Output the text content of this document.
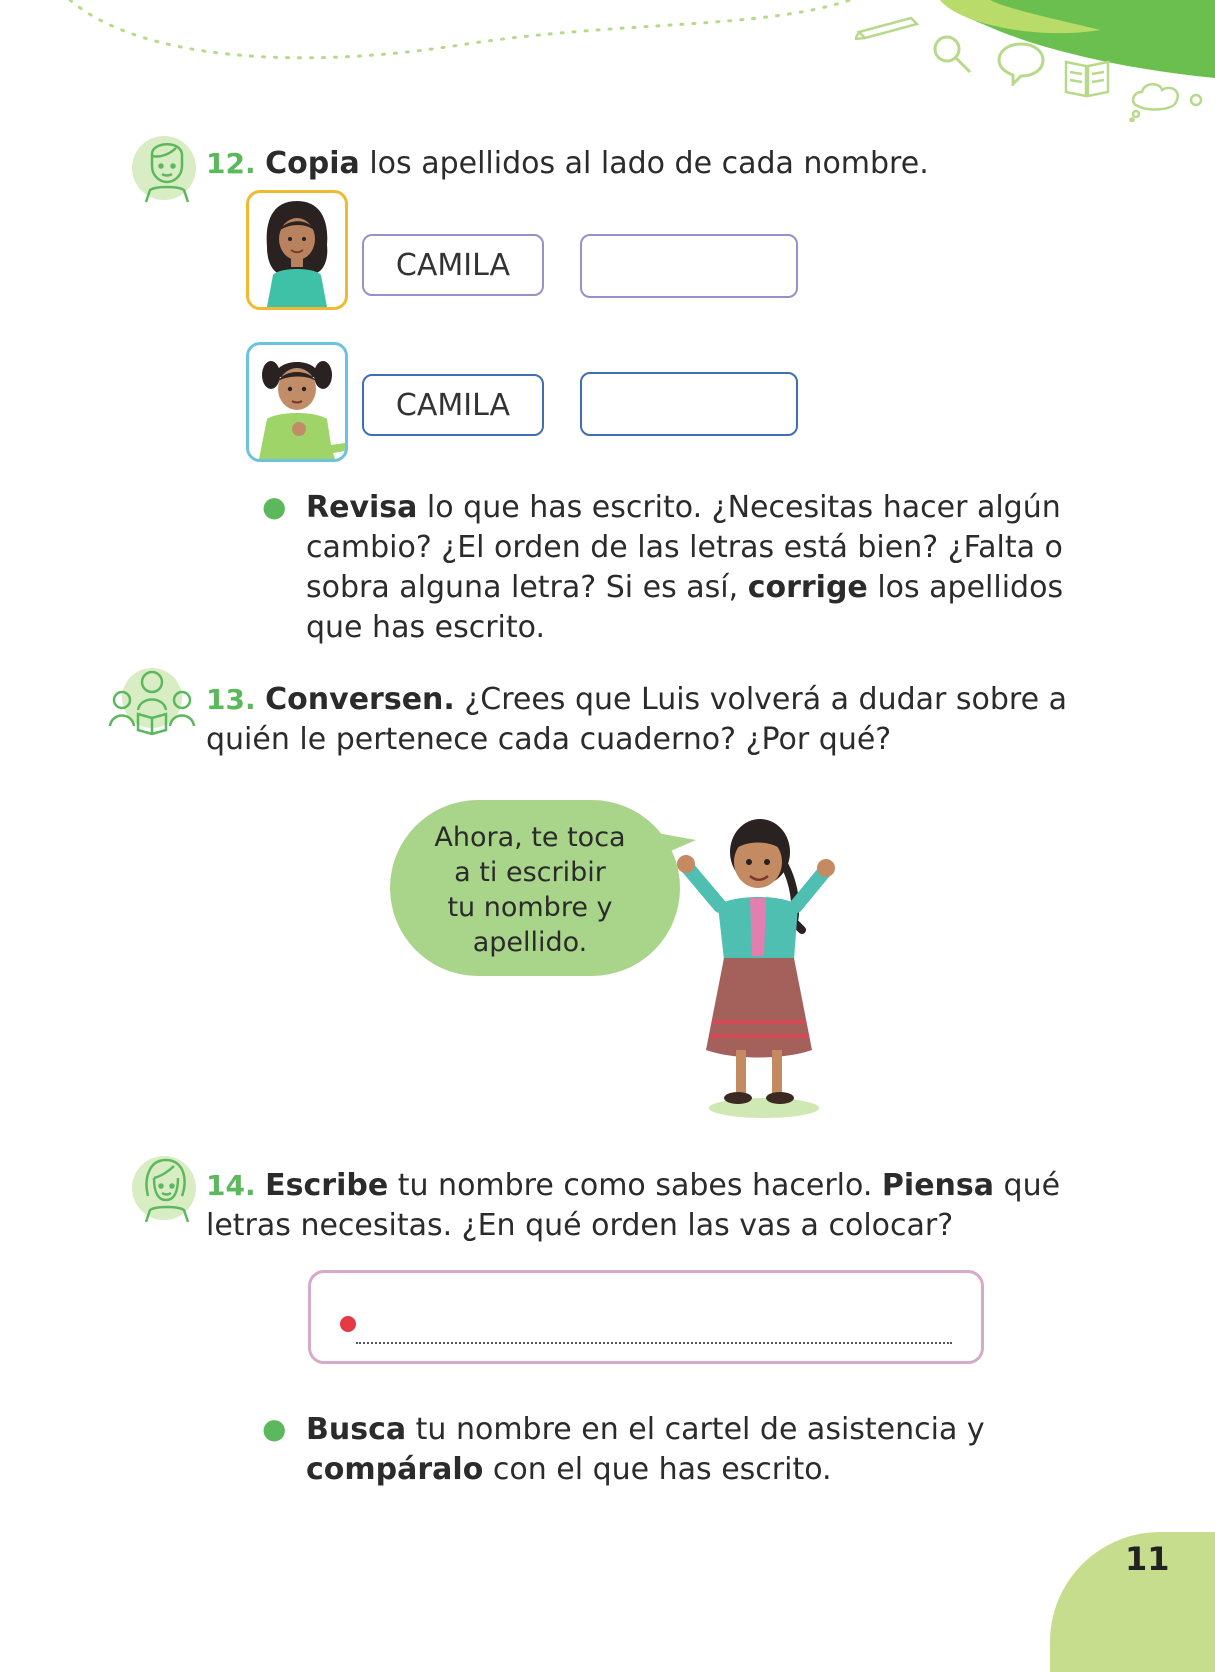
12. Copia los apellidos al lado de cada nombre.
CAMILA
CAMILA
● Revisa lo que has escrito. ¿Necesitas hacer algún cambio? ¿El orden de las letras está bien? ¿Falta o sobra alguna letra? Si es así, corrige los apellidos que has escrito.
13. Conversen. ¿Crees que Luis volverá a dudar sobre a quién le pertenece cada cuaderno? ¿Por qué?
Ahora, te toca
a ti escribir
tu nombre y
apellido.
14. Escribe tu nombre como sabes hacerlo. Piensa qué letras necesitas. ¿En qué orden las vas a colocar?
● Busca tu nombre en el cartel de asistencia y compáralo con el que has escrito.
11
